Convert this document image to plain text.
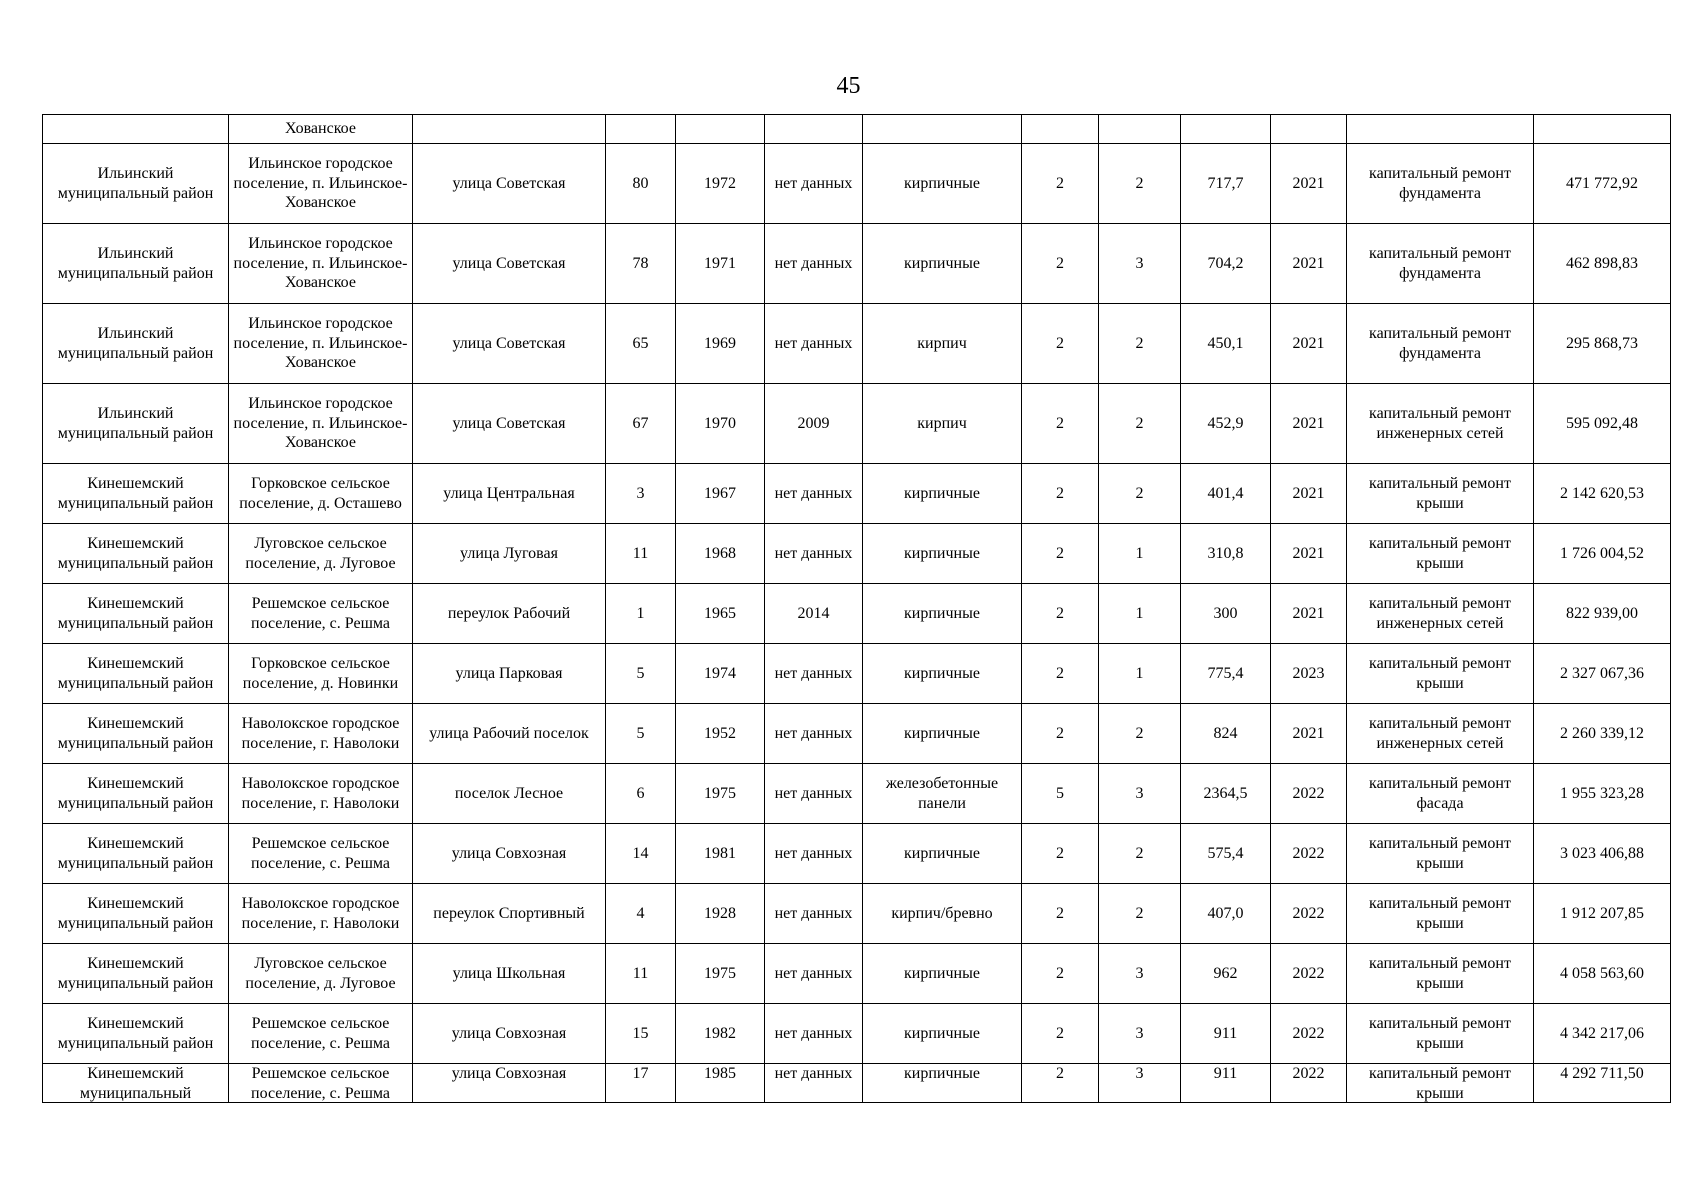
45
	Хованское											
Ильинский муниципальный район	Ильинское городское поселение, п. Ильинское-Хованское	улица Советская	80	1972	нет данных	кирпичные	2	2	717,7	2021	капитальный ремонт фундамента	471 772,92
Ильинский муниципальный район	Ильинское городское поселение, п. Ильинское-Хованское	улица Советская	78	1971	нет данных	кирпичные	2	3	704,2	2021	капитальный ремонт фундамента	462 898,83
Ильинский муниципальный район	Ильинское городское поселение, п. Ильинское-Хованское	улица Советская	65	1969	нет данных	кирпич	2	2	450,1	2021	капитальный ремонт фундамента	295 868,73
Ильинский муниципальный район	Ильинское городское поселение, п. Ильинское-Хованское	улица Советская	67	1970	2009	кирпич	2	2	452,9	2021	капитальный ремонт инженерных сетей	595 092,48
Кинешемский муниципальный район	Горковское сельское поселение, д. Осташево	улица Центральная	3	1967	нет данных	кирпичные	2	2	401,4	2021	капитальный ремонт крыши	2 142 620,53
Кинешемский муниципальный район	Луговское сельское поселение, д. Луговое	улица Луговая	11	1968	нет данных	кирпичные	2	1	310,8	2021	капитальный ремонт крыши	1 726 004,52
Кинешемский муниципальный район	Решемское сельское поселение, с. Решма	переулок Рабочий	1	1965	2014	кирпичные	2	1	300	2021	капитальный ремонт инженерных сетей	822 939,00
Кинешемский муниципальный район	Горковское сельское поселение, д. Новинки	улица Парковая	5	1974	нет данных	кирпичные	2	1	775,4	2023	капитальный ремонт крыши	2 327 067,36
Кинешемский муниципальный район	Наволокское городское поселение, г. Наволоки	улица Рабочий поселок	5	1952	нет данных	кирпичные	2	2	824	2021	капитальный ремонт инженерных сетей	2 260 339,12
Кинешемский муниципальный район	Наволокское городское поселение, г. Наволоки	поселок Лесное	6	1975	нет данных	железобетонные панели	5	3	2364,5	2022	капитальный ремонт фасада	1 955 323,28
Кинешемский муниципальный район	Решемское сельское поселение, с. Решма	улица Совхозная	14	1981	нет данных	кирпичные	2	2	575,4	2022	капитальный ремонт крыши	3 023 406,88
Кинешемский муниципальный район	Наволокское городское поселение, г. Наволоки	переулок Спортивный	4	1928	нет данных	кирпич/бревно	2	2	407,0	2022	капитальный ремонт крыши	1 912 207,85
Кинешемский муниципальный район	Луговское сельское поселение, д. Луговое	улица Школьная	11	1975	нет данных	кирпичные	2	3	962	2022	капитальный ремонт крыши	4 058 563,60
Кинешемский муниципальный район	Решемское сельское поселение, с. Решма	улица Совхозная	15	1982	нет данных	кирпичные	2	3	911	2022	капитальный ремонт крыши	4 342 217,06

Кинешемский муниципальный	Решемское сельское поселение, с. Решма	улица Совхозная	17	1985	нет данных	кирпичные	2	3	911	2022	капитальный ремонт крыши	4 292 711,50
